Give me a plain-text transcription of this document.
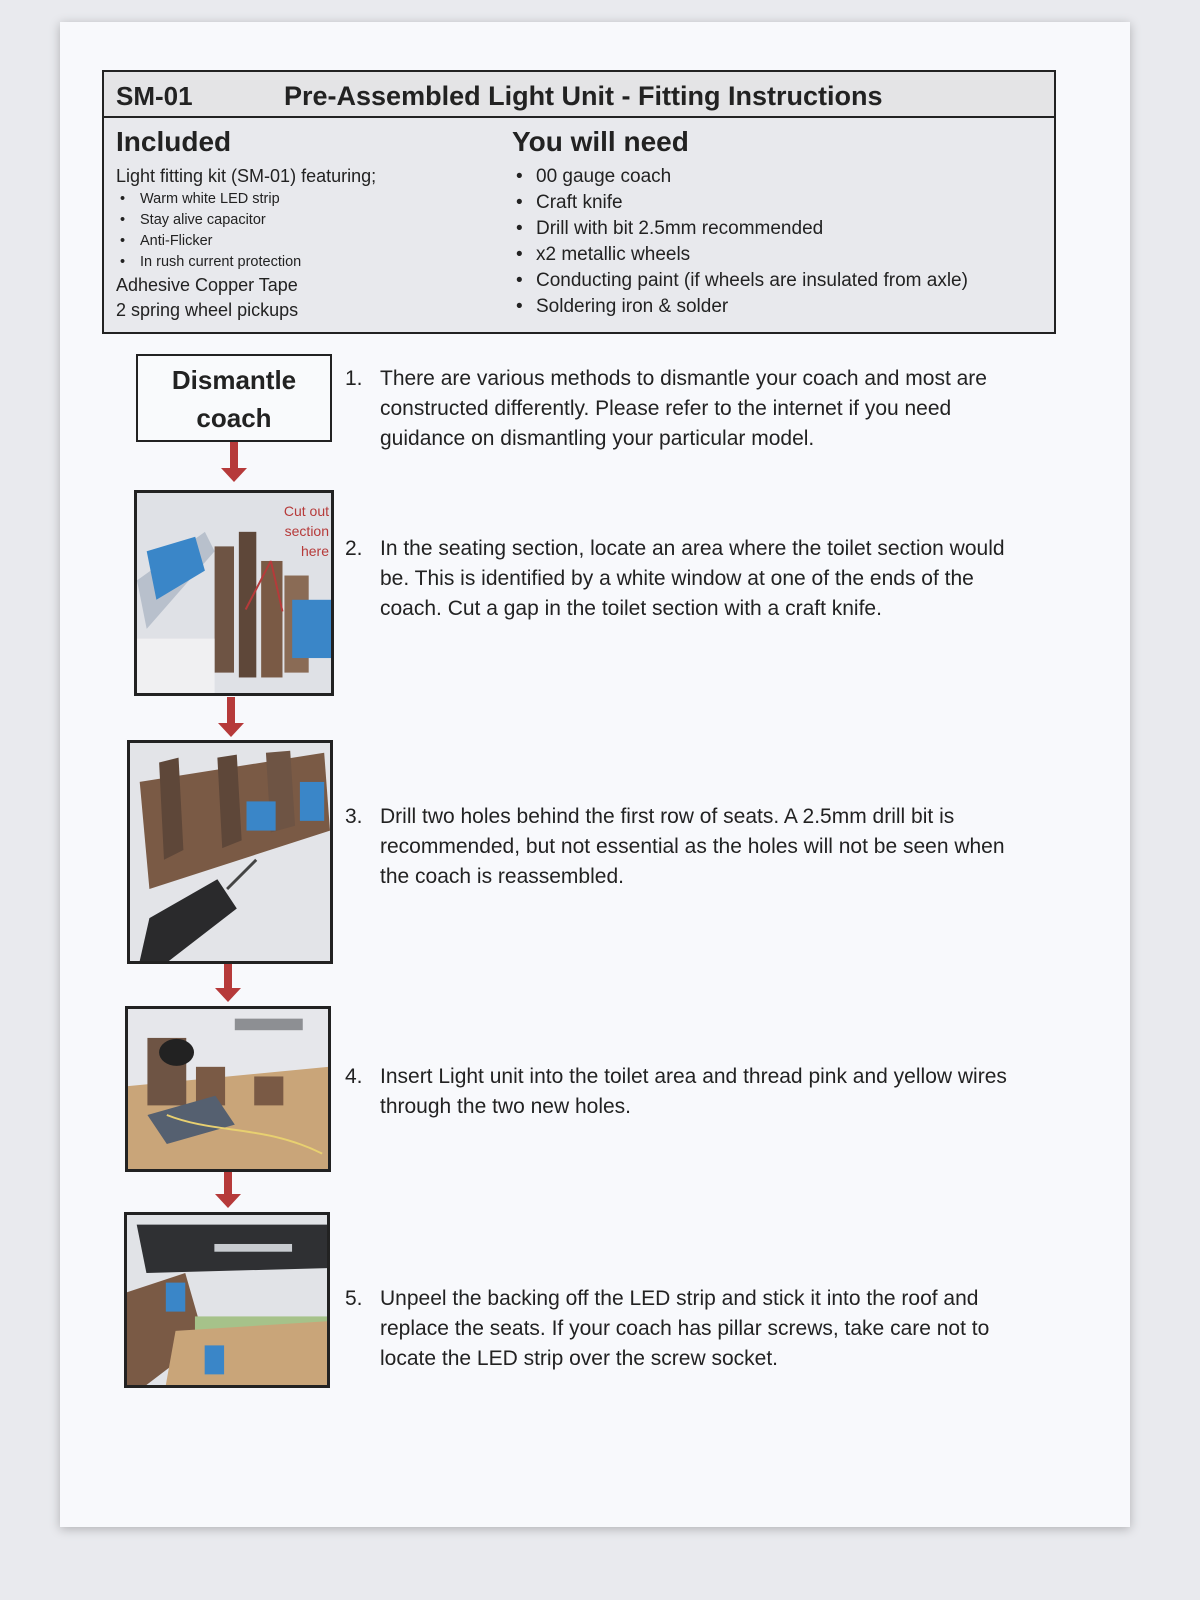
SM-01	Pre-Assembled Light Unit - Fitting Instructions
Included

Light fitting kit (SM-01) featuring;

• Warm white LED strip
• Stay alive capacitor
• Anti-Flicker
• In rush current protection

Adhesive Copper Tape

2 spring wheel pickups

You will need
• 00 gauge coach
• Craft knife
• Drill with bit 2.5mm recommended
• x2 metallic wheels
• Conducting paint (if wheels are insulated from axle)
• Soldering iron & solder
Dismantle
coach
Cut out
section
here
1. There are various methods to dismantle your coach and most are constructed differently. Please refer to the internet if you need guidance on dismantling your particular model.
2. In the seating section, locate an area where the toilet section would be. This is identified by a white window at one of the ends of the coach. Cut a gap in the toilet section with a craft knife.
3. Drill two holes behind the first row of seats. A 2.5mm drill bit is recommended, but not essential as the holes will not be seen when the coach is reassembled.
4. Insert Light unit into the toilet area and thread pink and yellow wires through the two new holes.
5. Unpeel the backing off the LED strip and stick it into the roof and replace the seats. If your coach has pillar screws, take care not to locate the LED strip over the screw socket.
